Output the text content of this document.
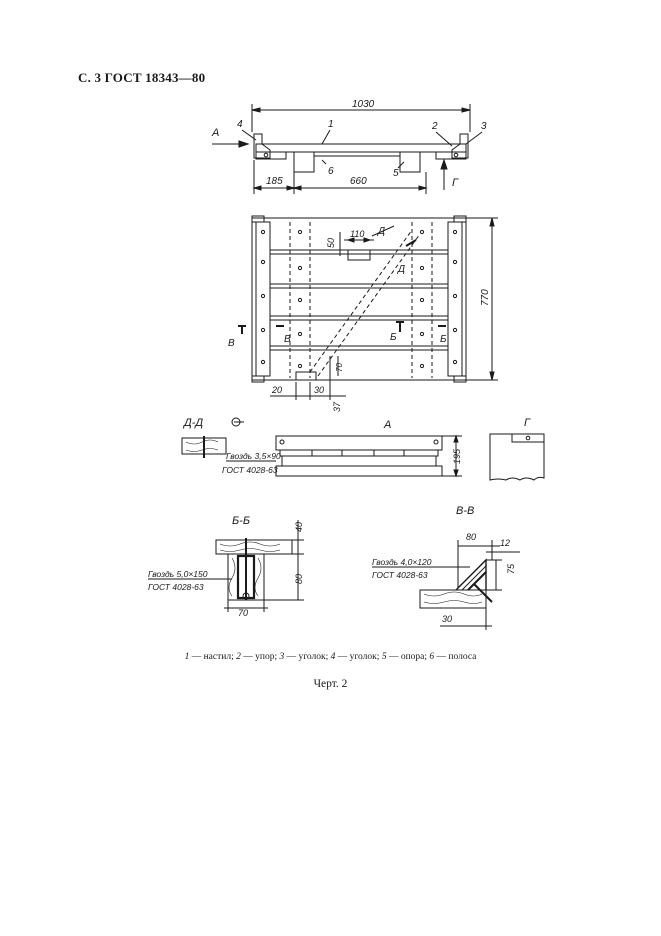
С. 3 ГОСТ 18343—80
1030
А
Г
4	1	2	3
6	5
185	660
110
50
Д
Д
770
Б	Б
В	В
20	30
37
70
Д-Д
Гвоздь 3,5×90
ГОСТ 4028-63
А
195
Г
Б-Б	40
80
70
Гвоздь 5,0×150
ГОСТ 4028-63
В-В
80
12
75
30
Гвоздь 4,0×120
ГОСТ 4028-63
1 — настил; 2 — упор; 3 — уголок; 4 — уголок; 5 — опора; 6 — полоса
Черт. 2
